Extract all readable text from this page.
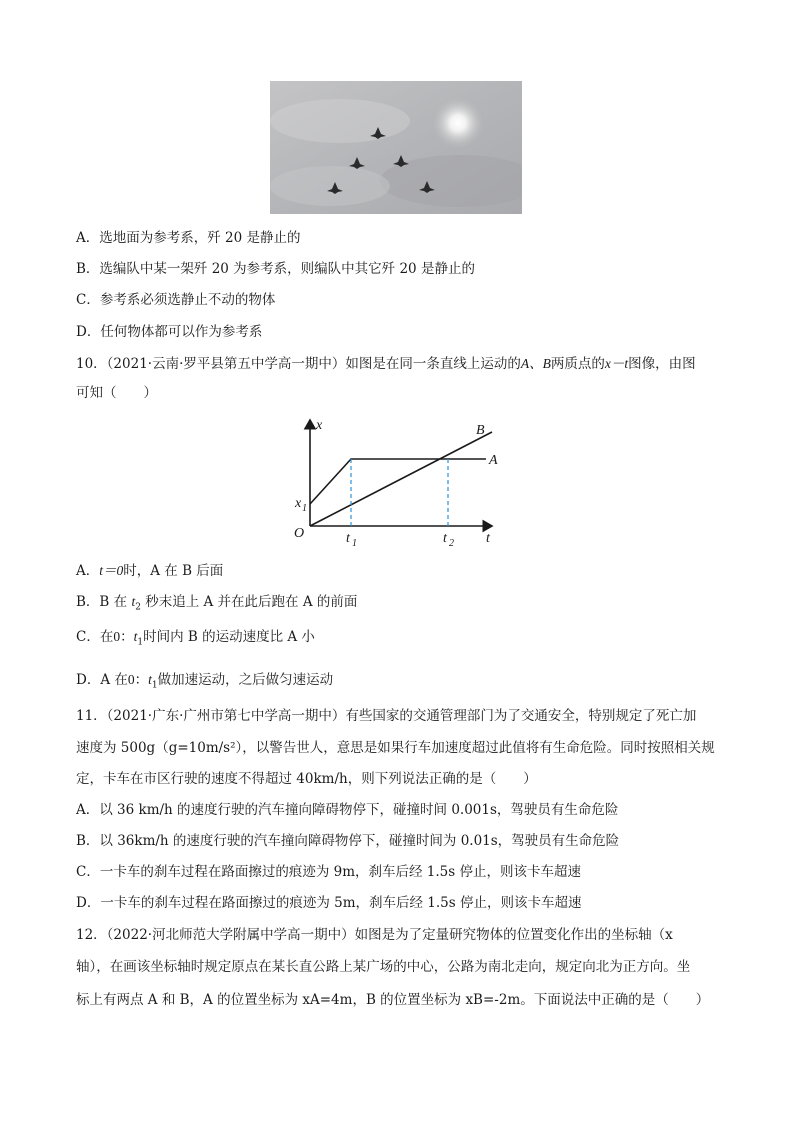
A．选地面为参考系，歼 20 是静止的
B．选编队中某一架歼 20 为参考系，则编队中其它歼 20 是静止的
C．参考系必须选静止不动的物体
D．任何物体都可以作为参考系
10．（2021·云南·罗平县第五中学高一期中）如图是在同一条直线上运动的A、B两质点的x－t图像，由图
可知（　　）
x
t
O
x 1
t 1	t 2
A
B
A．t＝0时，A 在 B 后面
B．B 在 $t_2$ 秒末追上 A 并在此后跑在 A 的前面
C．在0：$t_1$时间内 B 的运动速度比 A 小
D．A 在0：$t_1$做加速运动，之后做匀速运动
11．（2021·广东·广州市第七中学高一期中）有些国家的交通管理部门为了交通安全，特别规定了死亡加
速度为 500g（g=10m/s²），以警告世人，意思是如果行车加速度超过此值将有生命危险。同时按照相关规
定，卡车在市区行驶的速度不得超过 40km/h，则下列说法正确的是（　　）
A．以 36 km/h 的速度行驶的汽车撞向障碍物停下，碰撞时间 0.001s，驾驶员有生命危险
B．以 36km/h 的速度行驶的汽车撞向障碍物停下，碰撞时间为 0.01s，驾驶员有生命危险
C．一卡车的刹车过程在路面擦过的痕迹为 9m，刹车后经 1.5s 停止，则该卡车超速
D．一卡车的刹车过程在路面擦过的痕迹为 5m，刹车后经 1.5s 停止，则该卡车超速
12．（2022·河北师范大学附属中学高一期中）如图是为了定量研究物体的位置变化作出的坐标轴（x
轴），在画该坐标轴时规定原点在某长直公路上某广场的中心，公路为南北走向，规定向北为正方向。坐
标上有两点 A 和 B，A 的位置坐标为 xA=4m，B 的位置坐标为 xB=-2m。下面说法中正确的是（　　）
